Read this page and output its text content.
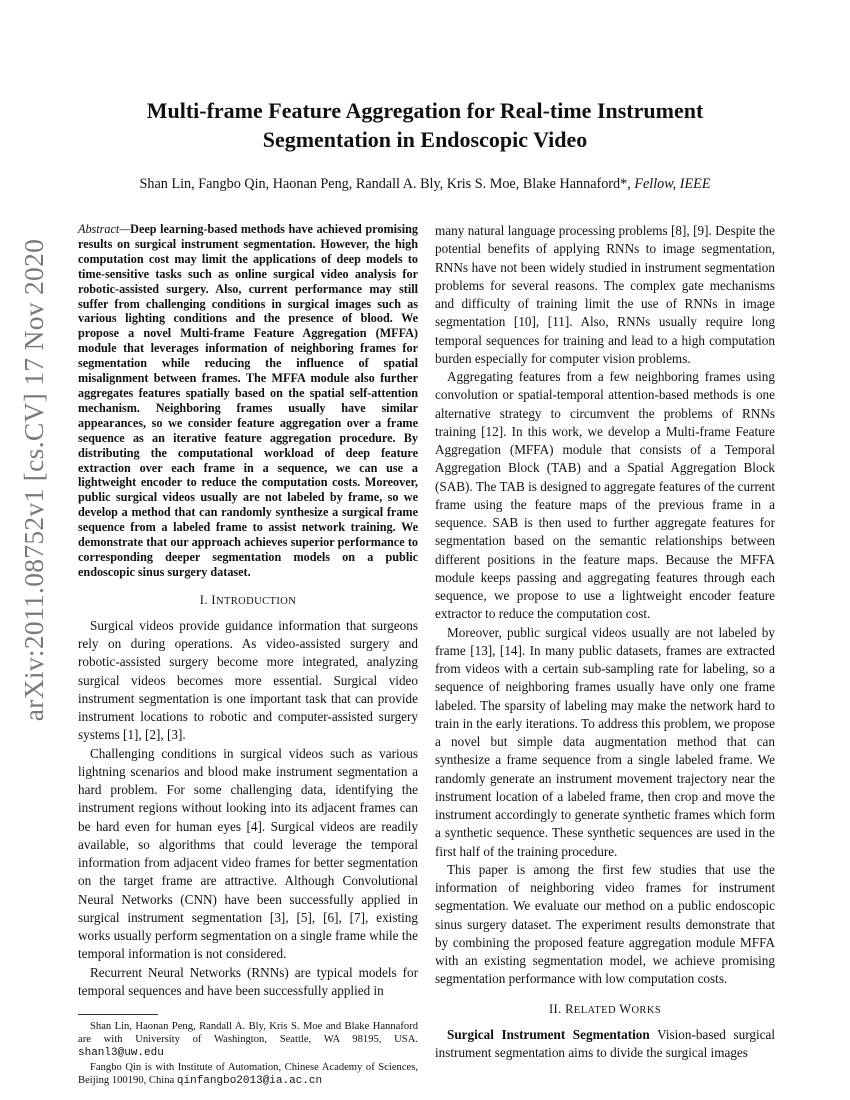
arXiv:2011.08752v1 [cs.CV] 17 Nov 2020
Multi-frame Feature Aggregation for Real-time Instrument Segmentation in Endoscopic Video
Shan Lin, Fangbo Qin, Haonan Peng, Randall A. Bly, Kris S. Moe, Blake Hannaford*, Fellow, IEEE

Abstract—Deep learning-based methods have achieved promising results on surgical instrument segmentation. However, the high computation cost may limit the applications of deep models to time-sensitive tasks such as online surgical video analysis for robotic-assisted surgery. Also, current performance may still suffer from challenging conditions in surgical images such as various lighting conditions and the presence of blood. We propose a novel Multi-frame Feature Aggregation (MFFA) module that leverages information of neighboring frames for segmentation while reducing the influence of spatial misalignment between frames. The MFFA module also further aggregates features spatially based on the spatial self-attention mechanism. Neighboring frames usually have similar appearances, so we consider feature aggregation over a frame sequence as an iterative feature aggregation procedure. By distributing the computational workload of deep feature extraction over each frame in a sequence, we can use a lightweight encoder to reduce the computation costs. Moreover, public surgical videos usually are not labeled by frame, so we develop a method that can randomly synthesize a surgical frame sequence from a labeled frame to assist network training. We demonstrate that our approach achieves superior performance to corresponding deeper segmentation models on a public endoscopic sinus surgery dataset.

I. INTRODUCTION

Surgical videos provide guidance information that surgeons rely on during operations. As video-assisted surgery and robotic-assisted surgery become more integrated, analyzing surgical videos becomes more essential. Surgical video instrument segmentation is one important task that can provide instrument locations to robotic and computer-assisted surgery systems [1], [2], [3].

Challenging conditions in surgical videos such as various lightning scenarios and blood make instrument segmentation a hard problem. For some challenging data, identifying the instrument regions without looking into its adjacent frames can be hard even for human eyes [4]. Surgical videos are readily available, so algorithms that could leverage the temporal information from adjacent video frames for better segmentation on the target frame are attractive. Although Convolutional Neural Networks (CNN) have been successfully applied in surgical instrument segmentation [3], [5], [6], [7], existing works usually perform segmentation on a single frame while the temporal information is not considered.

Recurrent Neural Networks (RNNs) are typical models for temporal sequences and have been successfully applied in

Shan Lin, Haonan Peng, Randall A. Bly, Kris S. Moe and Blake Hannaford are with University of Washington, Seattle, WA 98195, USA. shanl3@uw.edu

Fangbo Qin is with Institute of Automation, Chinese Academy of Sciences, Beijing 100190, China qinfangbo2013@ia.ac.cn

many natural language processing problems [8], [9]. Despite the potential benefits of applying RNNs to image segmentation, RNNs have not been widely studied in instrument segmentation problems for several reasons. The complex gate mechanisms and difficulty of training limit the use of RNNs in image segmentation [10], [11]. Also, RNNs usually require long temporal sequences for training and lead to a high computation burden especially for computer vision problems.

Aggregating features from a few neighboring frames using convolution or spatial-temporal attention-based methods is one alternative strategy to circumvent the problems of RNNs training [12]. In this work, we develop a Multi-frame Feature Aggregation (MFFA) module that consists of a Temporal Aggregation Block (TAB) and a Spatial Aggregation Block (SAB). The TAB is designed to aggregate features of the current frame using the feature maps of the previous frame in a sequence. SAB is then used to further aggregate features for segmentation based on the semantic relationships between different positions in the feature maps. Because the MFFA module keeps passing and aggregating features through each sequence, we propose to use a lightweight encoder feature extractor to reduce the computation cost.

Moreover, public surgical videos usually are not labeled by frame [13], [14]. In many public datasets, frames are extracted from videos with a certain sub-sampling rate for labeling, so a sequence of neighboring frames usually have only one frame labeled. The sparsity of labeling may make the network hard to train in the early iterations. To address this problem, we propose a novel but simple data augmentation method that can synthesize a frame sequence from a single labeled frame. We randomly generate an instrument movement trajectory near the instrument location of a labeled frame, then crop and move the instrument accordingly to generate synthetic frames which form a synthetic sequence. These synthetic sequences are used in the first half of the training procedure.

This paper is among the first few studies that use the information of neighboring video frames for instrument segmentation. We evaluate our method on a public endoscopic sinus surgery dataset. The experiment results demonstrate that by combining the proposed feature aggregation module MFFA with an existing segmentation model, we achieve promising segmentation performance with low computation costs.

II. RELATED WORKS

Surgical Instrument Segmentation Vision-based surgical instrument segmentation aims to divide the surgical images
